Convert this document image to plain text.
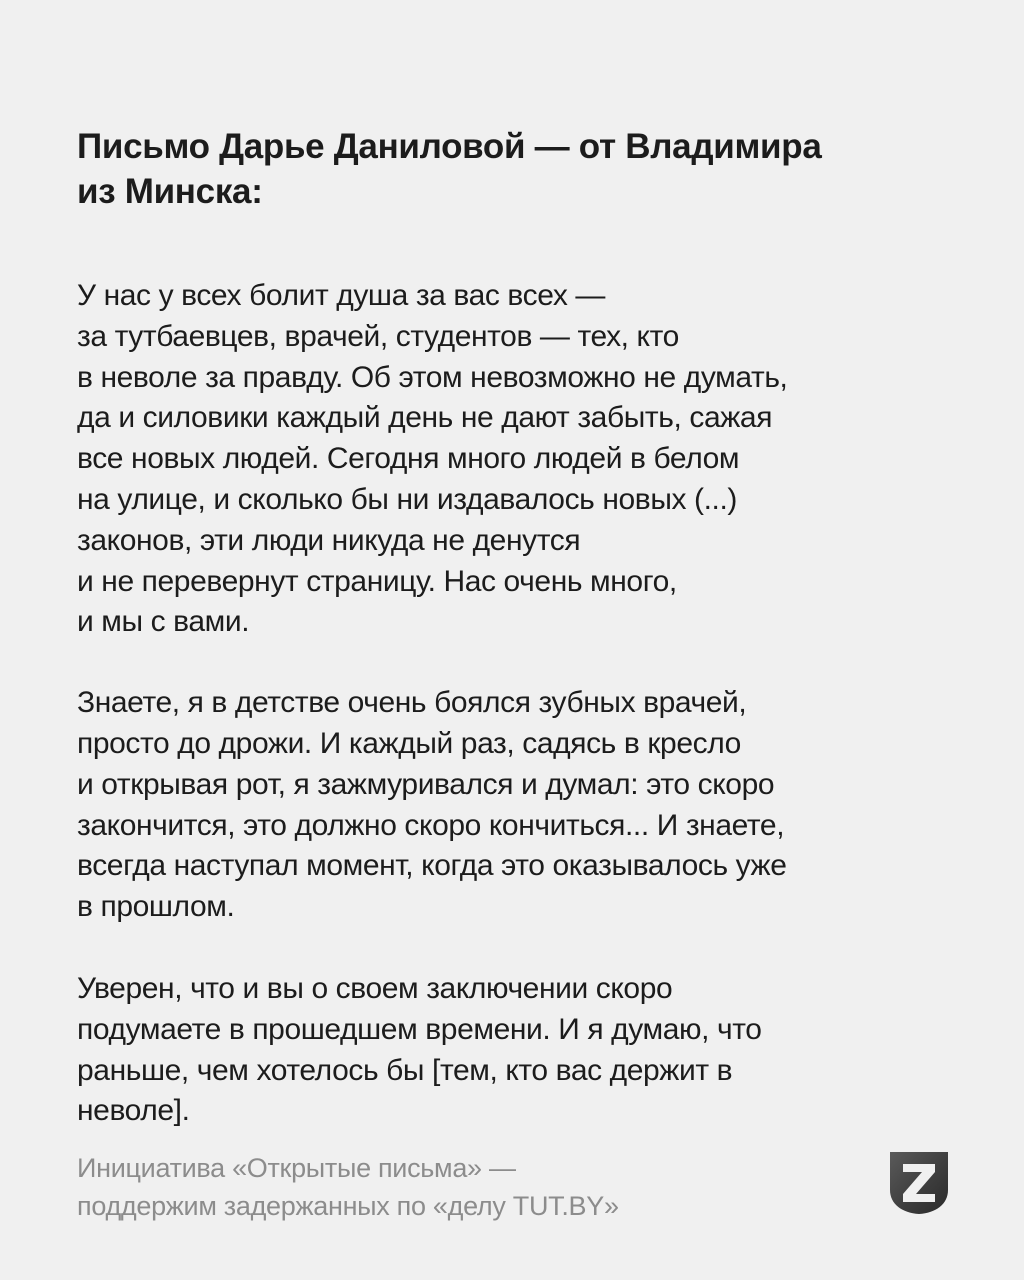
Письмо Дарье Даниловой — от Владимира
из Минска:

У нас у всех болит душа за вас всех —
за тутбаевцев, врачей, студентов — тех, кто
в неволе за правду. Об этом невозможно не думать,
да и силовики каждый день не дают забыть, сажая
все новых людей. Сегодня много людей в белом
на улице, и сколько бы ни издавалось новых (...)
законов, эти люди никуда не денутся
и не перевернут страницу. Нас очень много,
и мы с вами.

Знаете, я в детстве очень боялся зубных врачей,
просто до дрожи. И каждый раз, садясь в кресло
и открывая рот, я зажмуривался и думал: это скоро
закончится, это должно скоро кончиться... И знаете,
всегда наступал момент, когда это оказывалось уже
в прошлом.

Уверен, что и вы о своем заключении скоро
подумаете в прошедшем времени. И я думаю, что
раньше, чем хотелось бы [тем, кто вас держит в
неволе].

Инициатива «Открытые письма» —
поддержим задержанных по «делу TUT.BY»
